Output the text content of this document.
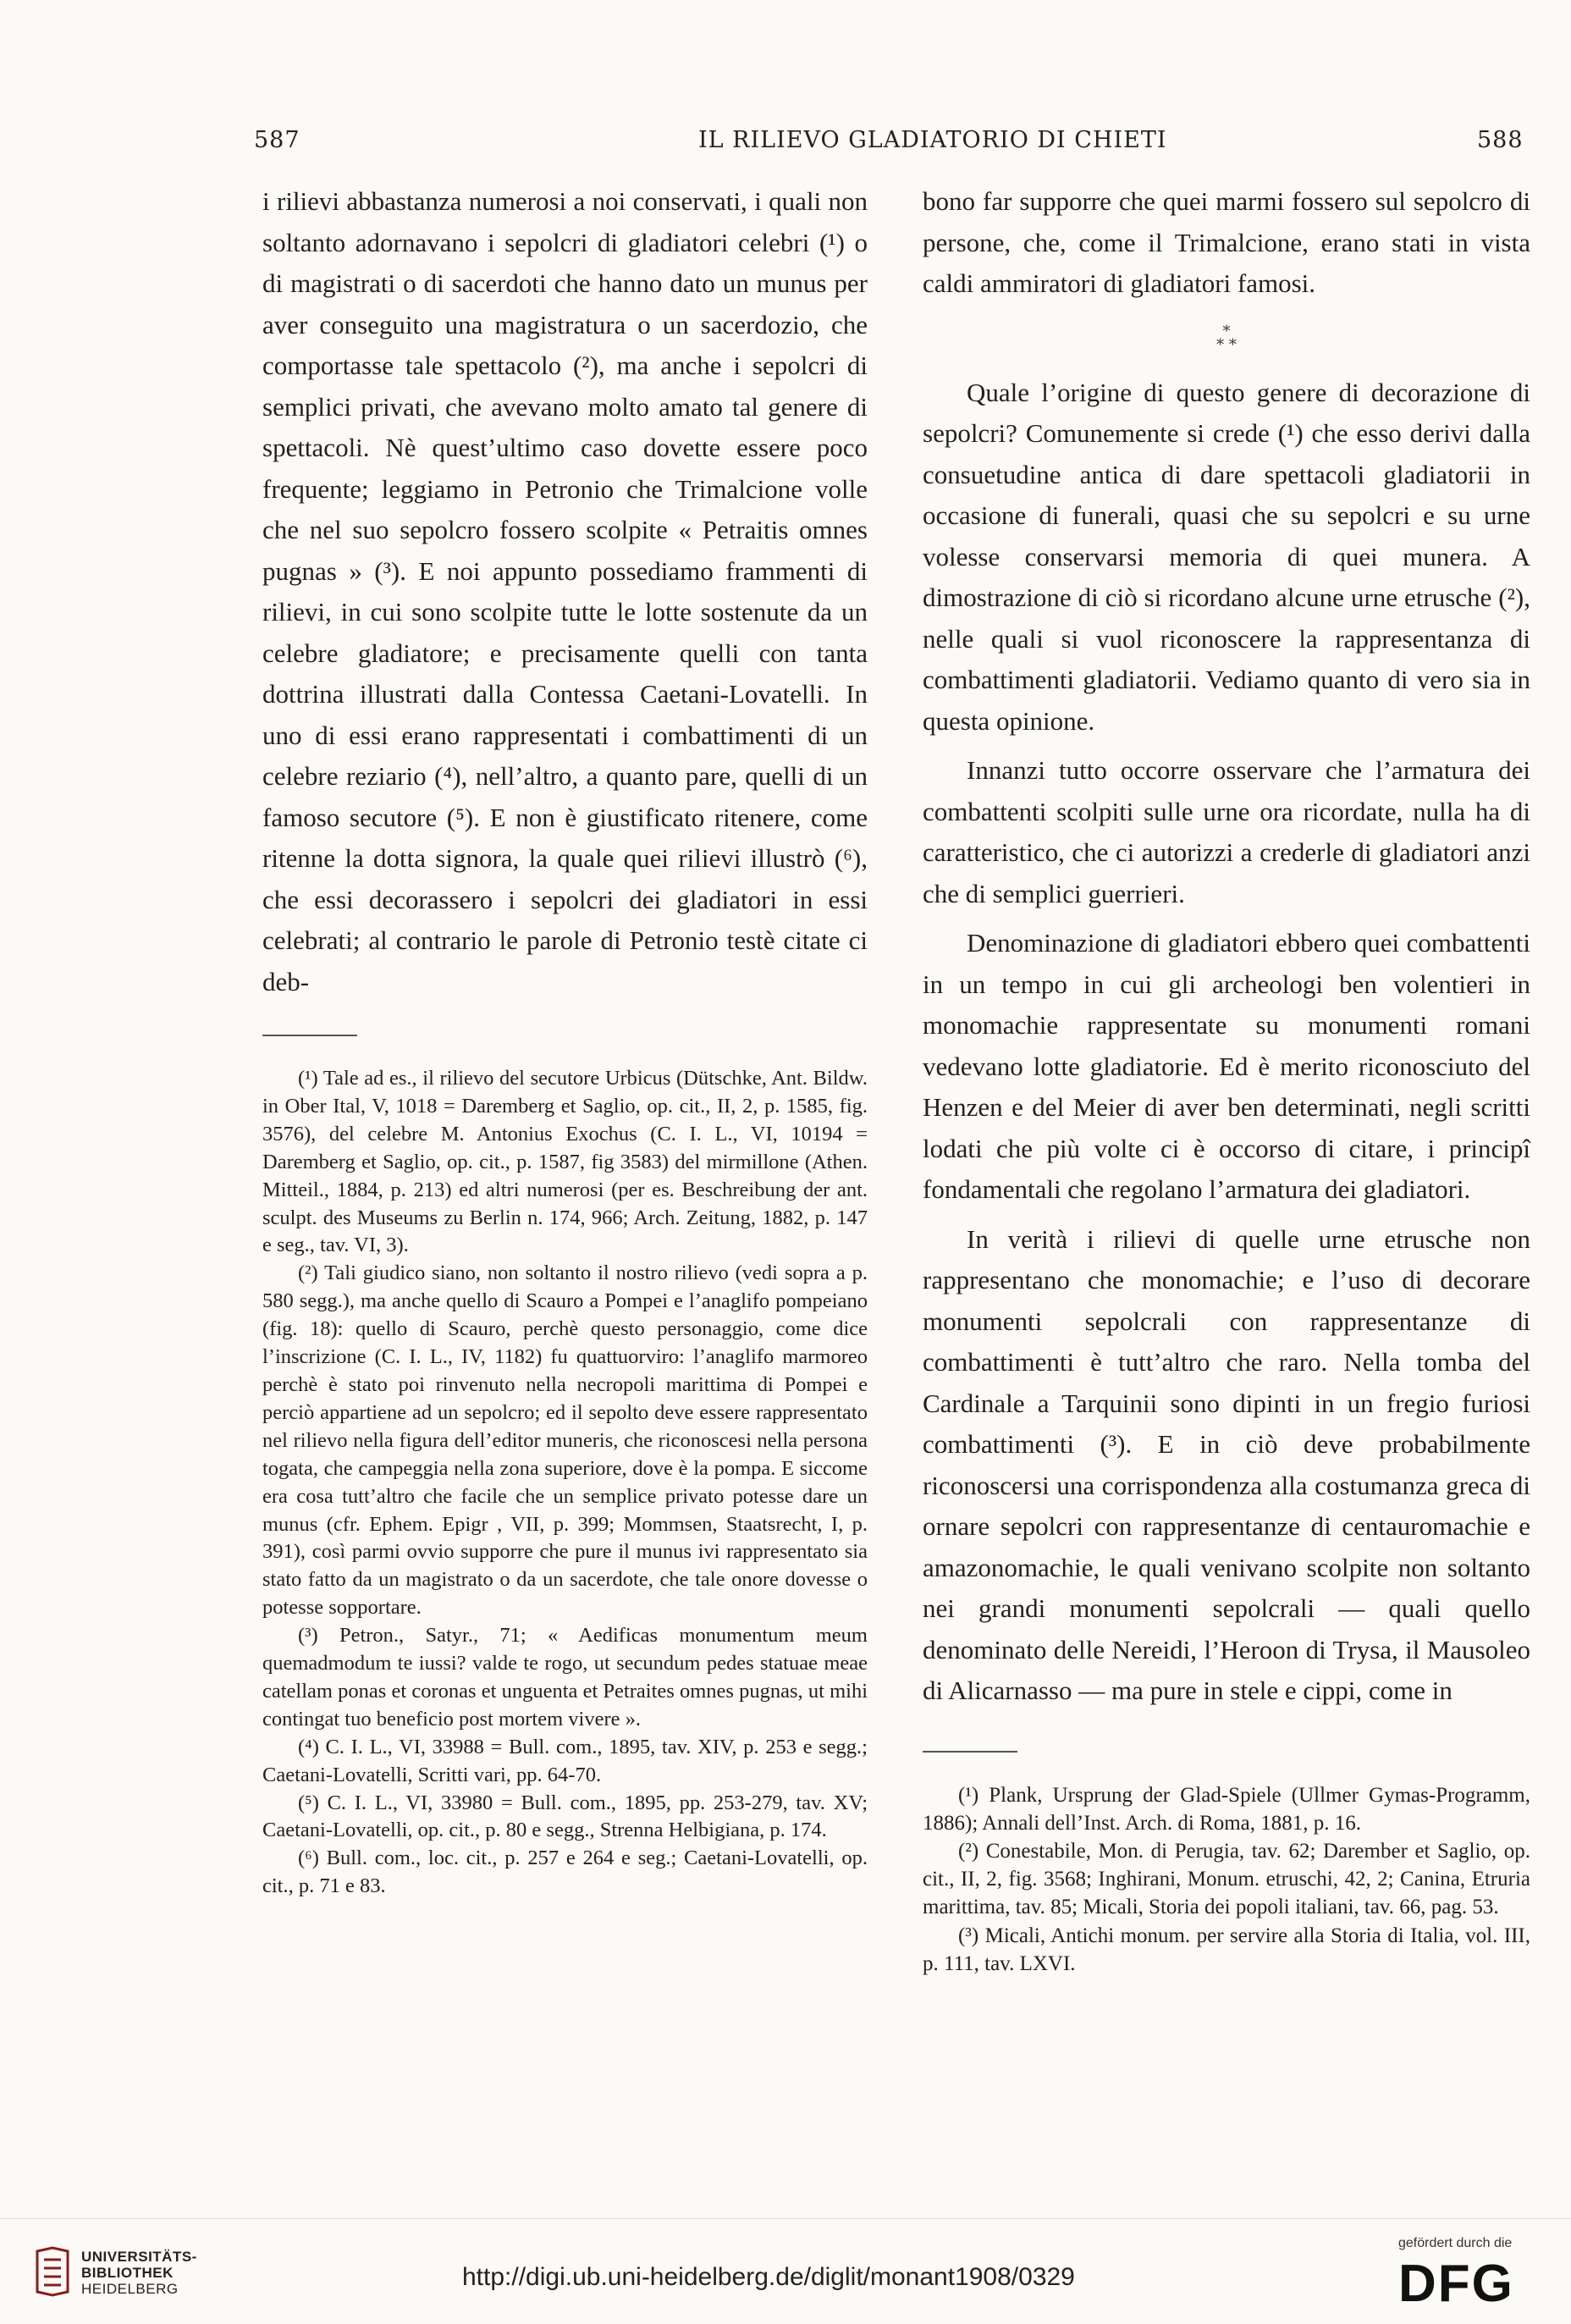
587	IL RILIEVO GLADIATORIO DI CHIETI	588

i rilievi abbastanza numerosi a noi conservati, i quali non soltanto adornavano i sepolcri di gladiatori celebri (¹) o di magistrati o di sacerdoti che hanno dato un munus per aver conseguito una magistratura o un sacerdozio, che comportasse tale spettacolo (²), ma anche i sepolcri di semplici privati, che avevano molto amato tal genere di spettacoli. Nè quest’ultimo caso dovette essere poco frequente; leggiamo in Petronio che Trimalcione volle che nel suo sepolcro fossero scolpite « Petraitis omnes pugnas » (³). E noi appunto possediamo frammenti di rilievi, in cui sono scolpite tutte le lotte sostenute da un celebre gladiatore; e precisamente quelli con tanta dottrina illustrati dalla Contessa Caetani-Lovatelli. In uno di essi erano rappresentati i combattimenti di un celebre reziario (⁴), nell’altro, a quanto pare, quelli di un famoso secutore (⁵). E non è giustificato ritenere, come ritenne la dotta signora, la quale quei rilievi illustrò (⁶), che essi decorassero i sepolcri dei gladiatori in essi celebrati; al contrario le parole di Petronio testè citate ci deb-

(¹) Tale ad es., il rilievo del secutore Urbicus (Dütschke, Ant. Bildw. in Ober Ital, V, 1018 = Daremberg et Saglio, op. cit., II, 2, p. 1585, fig. 3576), del celebre M. Antonius Exochus (C. I. L., VI, 10194 = Daremberg et Saglio, op. cit., p. 1587, fig 3583) del mirmillone (Athen. Mitteil., 1884, p. 213) ed altri numerosi (per es. Beschreibung der ant. sculpt. des Museums zu Berlin n. 174, 966; Arch. Zeitung, 1882, p. 147 e seg., tav. VI, 3).

(²) Tali giudico siano, non soltanto il nostro rilievo (vedi sopra a p. 580 segg.), ma anche quello di Scauro a Pompei e l’anaglifo pompeiano (fig. 18): quello di Scauro, perchè questo personaggio, come dice l’inscrizione (C. I. L., IV, 1182) fu quattuorviro: l’anaglifo marmoreo perchè è stato poi rinvenuto nella necropoli marittima di Pompei e perciò appartiene ad un sepolcro; ed il sepolto deve essere rappresentato nel rilievo nella figura dell’editor muneris, che riconoscesi nella persona togata, che campeggia nella zona superiore, dove è la pompa. E siccome era cosa tutt’altro che facile che un semplice privato potesse dare un munus (cfr. Ephem. Epigr , VII, p. 399; Mommsen, Staatsrecht, I, p. 391), così parmi ovvio supporre che pure il munus ivi rappresentato sia stato fatto da un magistrato o da un sacerdote, che tale onore dovesse o potesse sopportare.

(³) Petron., Satyr., 71; « Aedificas monumentum meum quemadmodum te iussi? valde te rogo, ut secundum pedes statuae meae catellam ponas et coronas et unguenta et Petraites omnes pugnas, ut mihi contingat tuo beneficio post mortem vivere ».

(⁴) C. I. L., VI, 33988 = Bull. com., 1895, tav. XIV, p. 253 e segg.; Caetani-Lovatelli, Scritti vari, pp. 64-70.

(⁵) C. I. L., VI, 33980 = Bull. com., 1895, pp. 253-279, tav. XV; Caetani-Lovatelli, op. cit., p. 80 e segg., Strenna Helbigiana, p. 174.

(⁶) Bull. com., loc. cit., p. 257 e 264 e seg.; Caetani-Lovatelli, op. cit., p. 71 e 83.

bono far supporre che quei marmi fossero sul sepolcro di persone, che, come il Trimalcione, erano stati in vista caldi ammiratori di gladiatori famosi.

*
* *

Quale l’origine di questo genere di decorazione di sepolcri? Comunemente si crede (¹) che esso derivi dalla consuetudine antica di dare spettacoli gladiatorii in occasione di funerali, quasi che su sepolcri e su urne volesse conservarsi memoria di quei munera. A dimostrazione di ciò si ricordano alcune urne etrusche (²), nelle quali si vuol riconoscere la rappresentanza di combattimenti gladiatorii. Vediamo quanto di vero sia in questa opinione.

Innanzi tutto occorre osservare che l’armatura dei combattenti scolpiti sulle urne ora ricordate, nulla ha di caratteristico, che ci autorizzi a crederle di gladiatori anzi che di semplici guerrieri.

Denominazione di gladiatori ebbero quei combattenti in un tempo in cui gli archeologi ben volentieri in monomachie rappresentate su monumenti romani vedevano lotte gladiatorie. Ed è merito riconosciuto del Henzen e del Meier di aver ben determinati, negli scritti lodati che più volte ci è occorso di citare, i principî fondamentali che regolano l’armatura dei gladiatori.

In verità i rilievi di quelle urne etrusche non rappresentano che monomachie; e l’uso di decorare monumenti sepolcrali con rappresentanze di combattimenti è tutt’altro che raro. Nella tomba del Cardinale a Tarquinii sono dipinti in un fregio furiosi combattimenti (³). E in ciò deve probabilmente riconoscersi una corrispondenza alla costumanza greca di ornare sepolcri con rappresentanze di centauromachie e amazonomachie, le quali venivano scolpite non soltanto nei grandi monumenti sepolcrali — quali quello denominato delle Nereidi, l’Heroon di Trysa, il Mausoleo di Alicarnasso — ma pure in stele e cippi, come in

(¹) Plank, Ursprung der Glad-Spiele (Ullmer Gymas-Programm, 1886); Annali dell’Inst. Arch. di Roma, 1881, p. 16.

(²) Conestabile, Mon. di Perugia, tav. 62; Darember et Saglio, op. cit., II, 2, fig. 3568; Inghirani, Monum. etruschi, 42, 2; Canina, Etruria marittima, tav. 85; Micali, Storia dei popoli italiani, tav. 66, pag. 53.

(³) Micali, Antichi monum. per servire alla Storia di Italia, vol. III, p. 111, tav. LXVI.

UNIVERSITÄTS-
BIBLIOTHEK
HEIDELBERG	http://digi.ub.uni-heidelberg.de/diglit/monant1908/0329
gefördert durch die
DFG
